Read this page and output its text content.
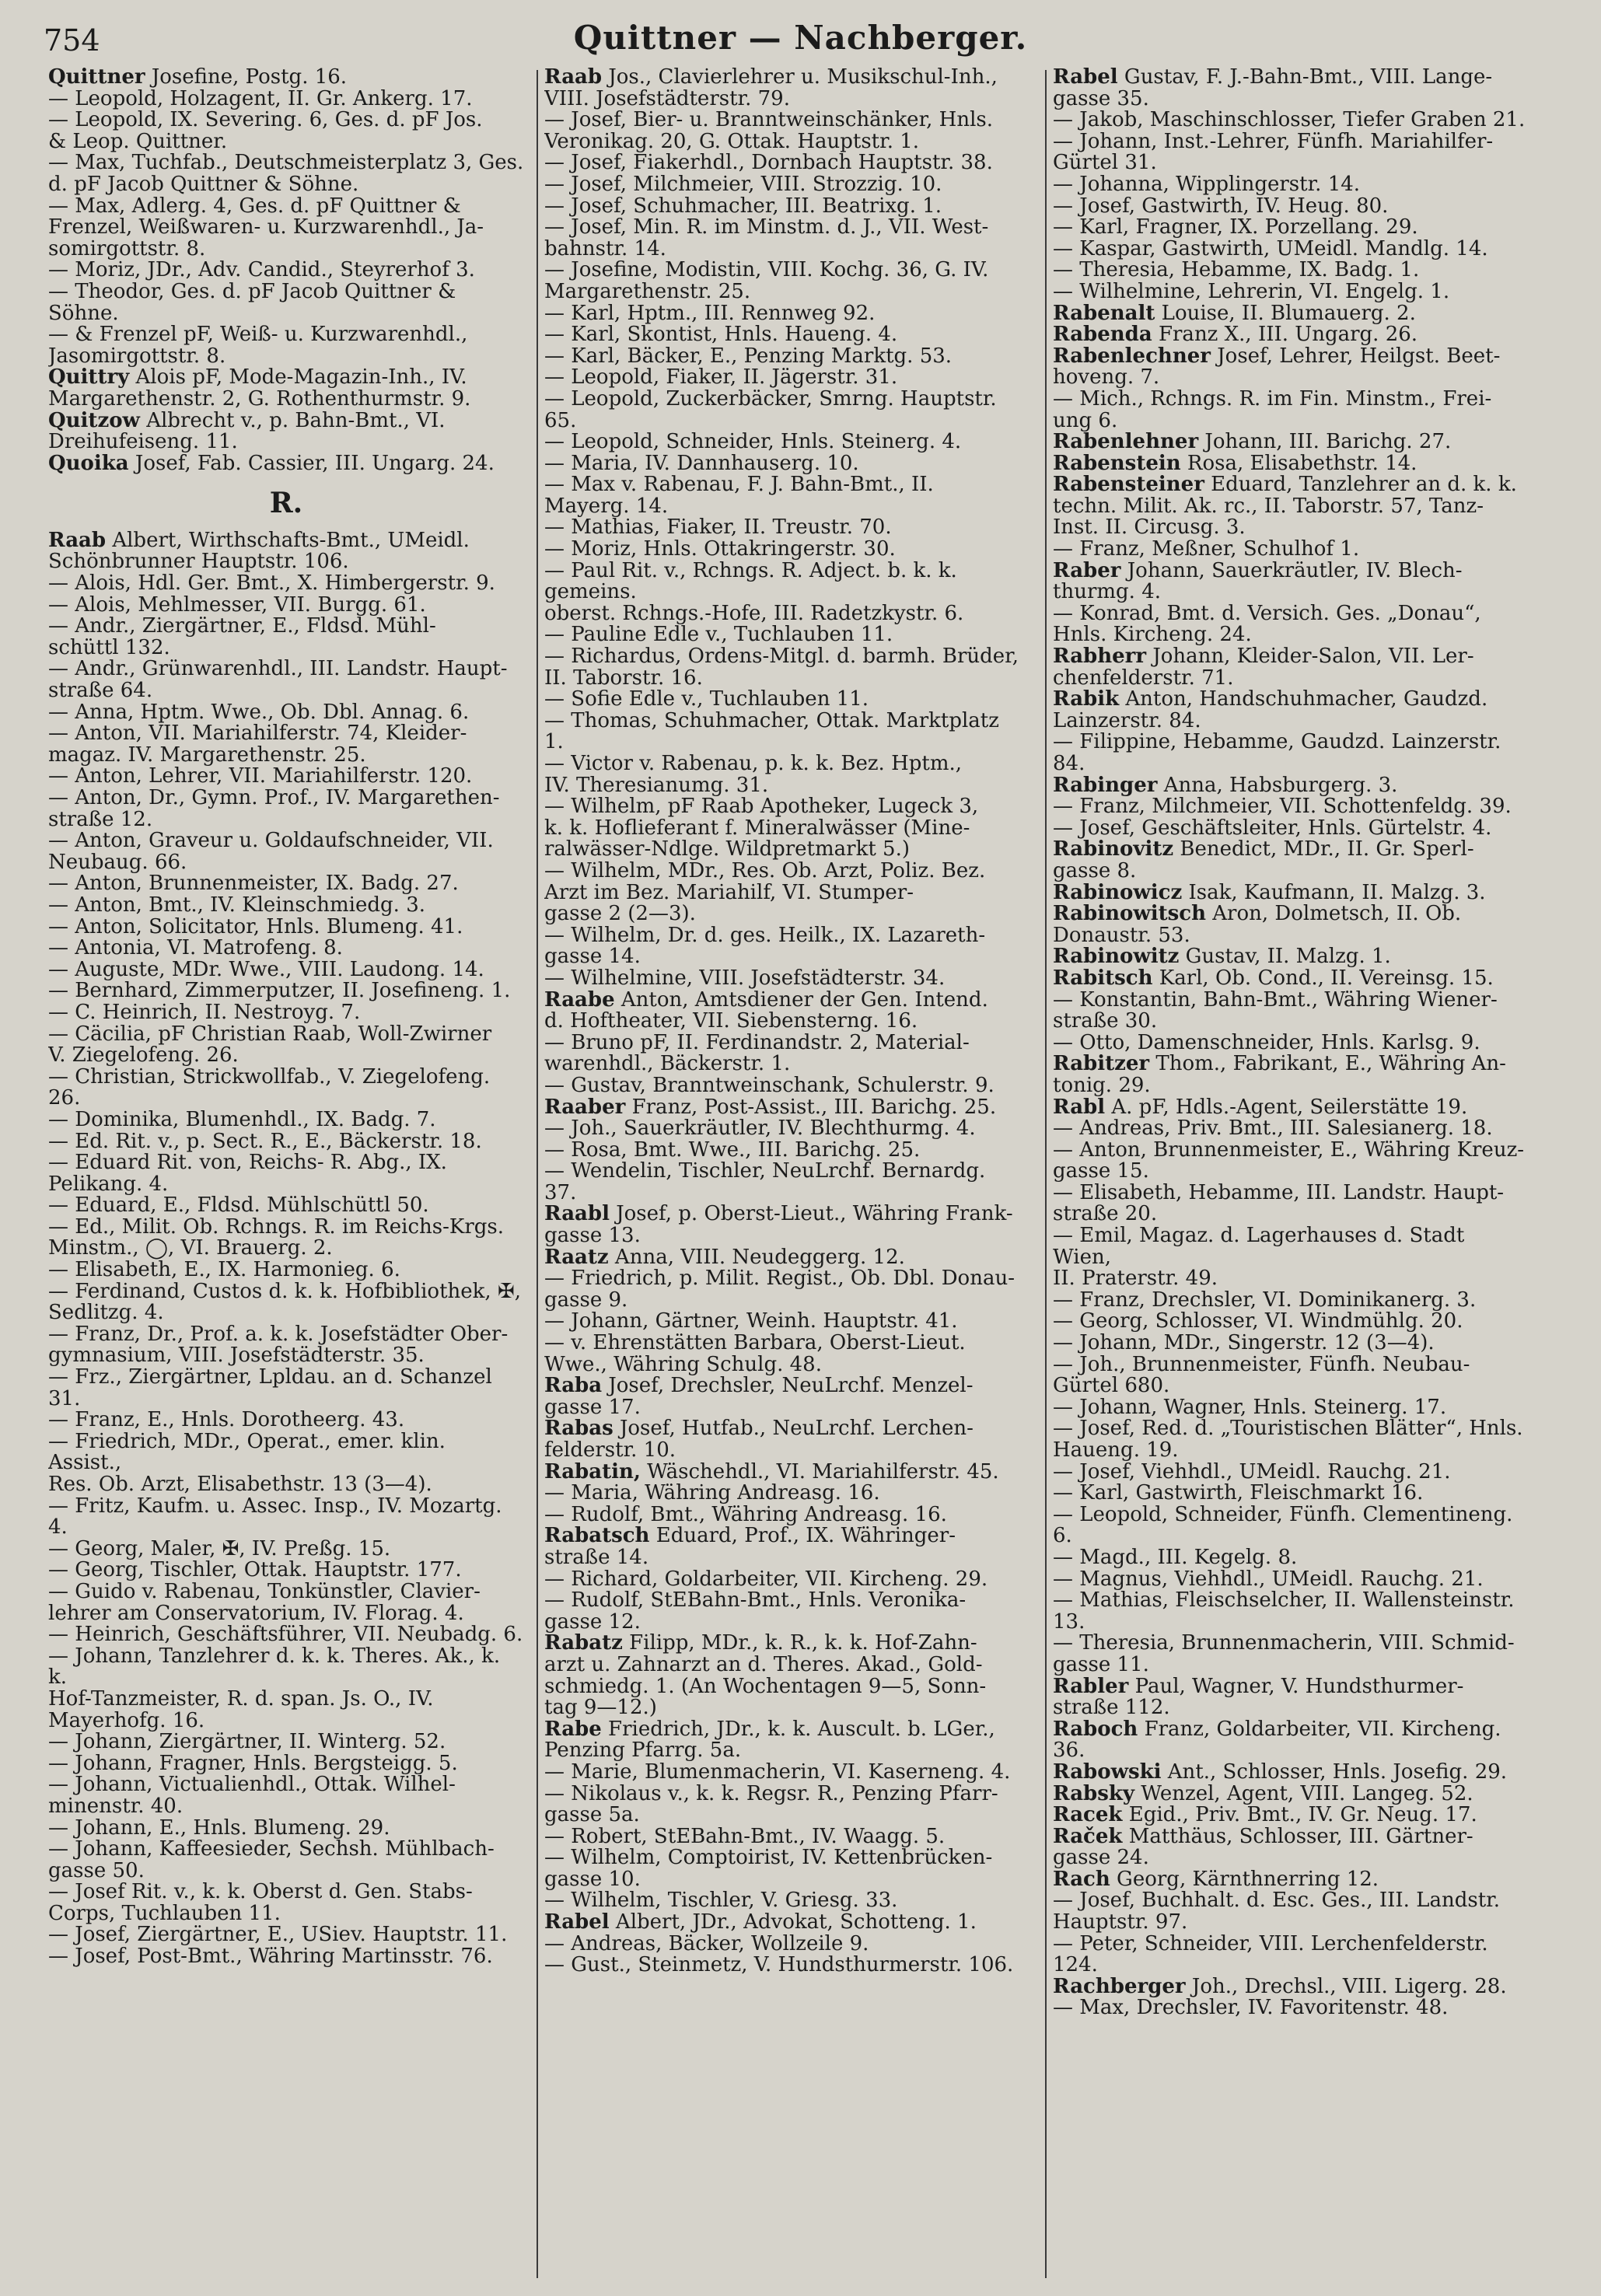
754	Quittner — Nachberger.

Quittner Josefine, Postg. 16.

— Leopold, Holzagent, II. Gr. Ankerg. 17.

— Leopold, IX. Severing. 6, Ges. d. pF Jos.
& Leop. Quittner.

— Max, Tuchfab., Deutschmeisterplatz 3, Ges.
d. pF Jacob Quittner & Söhne.

— Max, Adlerg. 4, Ges. d. pF Quittner &
Frenzel, Weißwaren- u. Kurzwarenhdl., Ja-
somirgottstr. 8.

— Moriz, JDr., Adv. Candid., Steyrerhof 3.

— Theodor, Ges. d. pF Jacob Quittner &
Söhne.

— & Frenzel pF, Weiß- u. Kurzwarenhdl.,
Jasomirgottstr. 8.

Quittry Alois pF, Mode-Magazin-Inh., IV.
Margarethenstr. 2, G. Rothenthurmstr. 9.

Quitzow Albrecht v., p. Bahn-Bmt., VI.
Dreihufeiseng. 11.

Quoika Josef, Fab. Cassier, III. Ungarg. 24.

R.

Raab Albert, Wirthschafts-Bmt., UMeidl.
Schönbrunner Hauptstr. 106.

— Alois, Hdl. Ger. Bmt., X. Himbergerstr. 9.

— Alois, Mehlmesser, VII. Burgg. 61.

— Andr., Ziergärtner, E., Fldsd. Mühl-
schüttl 132.

— Andr., Grünwarenhdl., III. Landstr. Haupt-
straße 64.

— Anna, Hptm. Wwe., Ob. Dbl. Annag. 6.

— Anton, VII. Mariahilferstr. 74, Kleider-
magaz. IV. Margarethenstr. 25.

— Anton, Lehrer, VII. Mariahilferstr. 120.

— Anton, Dr., Gymn. Prof., IV. Margarethen-
straße 12.

— Anton, Graveur u. Goldaufschneider, VII.
Neubaug. 66.

— Anton, Brunnenmeister, IX. Badg. 27.

— Anton, Bmt., IV. Kleinschmiedg. 3.

— Anton, Solicitator, Hnls. Blumeng. 41.

— Antonia, VI. Matrofeng. 8.

— Auguste, MDr. Wwe., VIII. Laudong. 14.

— Bernhard, Zimmerputzer, II. Josefineng. 1.

— C. Heinrich, II. Nestroyg. 7.

— Cäcilia, pF Christian Raab, Woll-Zwirner
V. Ziegelofeng. 26.

— Christian, Strickwollfab., V. Ziegelofeng. 26.

— Dominika, Blumenhdl., IX. Badg. 7.

— Ed. Rit. v., p. Sect. R., E., Bäckerstr. 18.

— Eduard Rit. von, Reichs- R. Abg., IX.
Pelikang. 4.

— Eduard, E., Fldsd. Mühlschüttl 50.

— Ed., Milit. Ob. Rchngs. R. im Reichs-Krgs.
Minstm., ◯, VI. Brauerg. 2.

— Elisabeth, E., IX. Harmonieg. 6.

— Ferdinand, Custos d. k. k. Hofbibliothek, ✠,
Sedlitzg. 4.

— Franz, Dr., Prof. a. k. k. Josefstädter Ober-
gymnasium, VIII. Josefstädterstr. 35.

— Frz., Ziergärtner, Lpldau. an d. Schanzel 31.

— Franz, E., Hnls. Dorotheerg. 43.

— Friedrich, MDr., Operat., emer. klin. Assist.,
Res. Ob. Arzt, Elisabethstr. 13 (3—4).

— Fritz, Kaufm. u. Assec. Insp., IV. Mozartg. 4.

— Georg, Maler, ✠, IV. Preßg. 15.

— Georg, Tischler, Ottak. Hauptstr. 177.

— Guido v. Rabenau, Tonkünstler, Clavier-
lehrer am Conservatorium, IV. Florag. 4.

— Heinrich, Geschäftsführer, VII. Neubadg. 6.

— Johann, Tanzlehrer d. k. k. Theres. Ak., k. k.
Hof-Tanzmeister, R. d. span. Js. O., IV.
Mayerhofg. 16.

— Johann, Ziergärtner, II. Winterg. 52.

— Johann, Fragner, Hnls. Bergsteigg. 5.

— Johann, Victualienhdl., Ottak. Wilhel-
minenstr. 40.

— Johann, E., Hnls. Blumeng. 29.

— Johann, Kaffeesieder, Sechsh. Mühlbach-
gasse 50.

— Josef Rit. v., k. k. Oberst d. Gen. Stabs-
Corps, Tuchlauben 11.

— Josef, Ziergärtner, E., USiev. Hauptstr. 11.

— Josef, Post-Bmt., Währing Martinsstr. 76.

Raab Jos., Clavierlehrer u. Musikschul-Inh.,
VIII. Josefstädterstr. 79.

— Josef, Bier- u. Branntweinschänker, Hnls.
Veronikag. 20, G. Ottak. Hauptstr. 1.

— Josef, Fiakerhdl., Dornbach Hauptstr. 38.

— Josef, Milchmeier, VIII. Strozzig. 10.

— Josef, Schuhmacher, III. Beatrixg. 1.

— Josef, Min. R. im Minstm. d. J., VII. West-
bahnstr. 14.

— Josefine, Modistin, VIII. Kochg. 36, G. IV.
Margarethenstr. 25.

— Karl, Hptm., III. Rennweg 92.

— Karl, Skontist, Hnls. Haueng. 4.

— Karl, Bäcker, E., Penzing Marktg. 53.

— Leopold, Fiaker, II. Jägerstr. 31.

— Leopold, Zuckerbäcker, Smrng. Hauptstr. 65.

— Leopold, Schneider, Hnls. Steinerg. 4.

— Maria, IV. Dannhauserg. 10.

— Max v. Rabenau, F. J. Bahn-Bmt., II.
Mayerg. 14.

— Mathias, Fiaker, II. Treustr. 70.

— Moriz, Hnls. Ottakringerstr. 30.

— Paul Rit. v., Rchngs. R. Adject. b. k. k. gemeins.
oberst. Rchngs.-Hofe, III. Radetzkystr. 6.

— Pauline Edle v., Tuchlauben 11.

— Richardus, Ordens-Mitgl. d. barmh. Brüder,
II. Taborstr. 16.

— Sofie Edle v., Tuchlauben 11.

— Thomas, Schuhmacher, Ottak. Marktplatz 1.

— Victor v. Rabenau, p. k. k. Bez. Hptm.,
IV. Theresianumg. 31.

— Wilhelm, pF Raab Apotheker, Lugeck 3,
k. k. Hoflieferant f. Mineralwässer (Mine-
ralwässer-Ndlge. Wildpretmarkt 5.)

— Wilhelm, MDr., Res. Ob. Arzt, Poliz. Bez.
Arzt im Bez. Mariahilf, VI. Stumper-
gasse 2 (2—3).

— Wilhelm, Dr. d. ges. Heilk., IX. Lazareth-
gasse 14.

— Wilhelmine, VIII. Josefstädterstr. 34.

Raabe Anton, Amtsdiener der Gen. Intend.
d. Hoftheater, VII. Siebensterng. 16.

— Bruno pF, II. Ferdinandstr. 2, Material-
warenhdl., Bäckerstr. 1.

— Gustav, Branntweinschank, Schulerstr. 9.

Raaber Franz, Post-Assist., III. Barichg. 25.

— Joh., Sauerkräutler, IV. Blechthurmg. 4.

— Rosa, Bmt. Wwe., III. Barichg. 25.

— Wendelin, Tischler, NeuLrchf. Bernardg. 37.

Raabl Josef, p. Oberst-Lieut., Währing Frank-
gasse 13.

Raatz Anna, VIII. Neudeggerg. 12.

— Friedrich, p. Milit. Regist., Ob. Dbl. Donau-
gasse 9.

— Johann, Gärtner, Weinh. Hauptstr. 41.

— v. Ehrenstätten Barbara, Oberst-Lieut.
Wwe., Währing Schulg. 48.

Raba Josef, Drechsler, NeuLrchf. Menzel-
gasse 17.

Rabas Josef, Hutfab., NeuLrchf. Lerchen-
felderstr. 10.

Rabatin, Wäschehdl., VI. Mariahilferstr. 45.

— Maria, Währing Andreasg. 16.

— Rudolf, Bmt., Währing Andreasg. 16.

Rabatsch Eduard, Prof., IX. Währinger-
straße 14.

— Richard, Goldarbeiter, VII. Kircheng. 29.

— Rudolf, StEBahn-Bmt., Hnls. Veronika-
gasse 12.

Rabatz Filipp, MDr., k. R., k. k. Hof-Zahn-
arzt u. Zahnarzt an d. Theres. Akad., Gold-
schmiedg. 1. (An Wochentagen 9—5, Sonn-
tag 9—12.)

Rabe Friedrich, JDr., k. k. Auscult. b. LGer.,
Penzing Pfarrg. 5a.

— Marie, Blumenmacherin, VI. Kaserneng. 4.

— Nikolaus v., k. k. Regsr. R., Penzing Pfarr-
gasse 5a.

— Robert, StEBahn-Bmt., IV. Waagg. 5.

— Wilhelm, Comptoirist, IV. Kettenbrücken-
gasse 10.

— Wilhelm, Tischler, V. Griesg. 33.

Rabel Albert, JDr., Advokat, Schotteng. 1.

— Andreas, Bäcker, Wollzeile 9.

— Gust., Steinmetz, V. Hundsthurmerstr. 106.

Rabel Gustav, F. J.-Bahn-Bmt., VIII. Lange-
gasse 35.

— Jakob, Maschinschlosser, Tiefer Graben 21.

— Johann, Inst.-Lehrer, Fünfh. Mariahilfer-
Gürtel 31.

— Johanna, Wipplingerstr. 14.

— Josef, Gastwirth, IV. Heug. 80.

— Karl, Fragner, IX. Porzellang. 29.

— Kaspar, Gastwirth, UMeidl. Mandlg. 14.

— Theresia, Hebamme, IX. Badg. 1.

— Wilhelmine, Lehrerin, VI. Engelg. 1.

Rabenalt Louise, II. Blumauerg. 2.

Rabenda Franz X., III. Ungarg. 26.

Rabenlechner Josef, Lehrer, Heilgst. Beet-
hoveng. 7.

— Mich., Rchngs. R. im Fin. Minstm., Frei-
ung 6.

Rabenlehner Johann, III. Barichg. 27.

Rabenstein Rosa, Elisabethstr. 14.

Rabensteiner Eduard, Tanzlehrer an d. k. k.
techn. Milit. Ak. rc., II. Taborstr. 57, Tanz-
Inst. II. Circusg. 3.

— Franz, Meßner, Schulhof 1.

Raber Johann, Sauerkräutler, IV. Blech-
thurmg. 4.

— Konrad, Bmt. d. Versich. Ges. „Donau“,
Hnls. Kircheng. 24.

Rabherr Johann, Kleider-Salon, VII. Ler-
chenfelderstr. 71.

Rabik Anton, Handschuhmacher, Gaudzd.
Lainzerstr. 84.

— Filippine, Hebamme, Gaudzd. Lainzerstr. 84.

Rabinger Anna, Habsburgerg. 3.

— Franz, Milchmeier, VII. Schottenfeldg. 39.

— Josef, Geschäftsleiter, Hnls. Gürtelstr. 4.

Rabinovitz Benedict, MDr., II. Gr. Sperl-
gasse 8.

Rabinowicz Isak, Kaufmann, II. Malzg. 3.

Rabinowitsch Aron, Dolmetsch, II. Ob.
Donaustr. 53.

Rabinowitz Gustav, II. Malzg. 1.

Rabitsch Karl, Ob. Cond., II. Vereinsg. 15.

— Konstantin, Bahn-Bmt., Währing Wiener-
straße 30.

— Otto, Damenschneider, Hnls. Karlsg. 9.

Rabitzer Thom., Fabrikant, E., Währing An-
tonig. 29.

Rabl A. pF, Hdls.-Agent, Seilerstätte 19.

— Andreas, Priv. Bmt., III. Salesianerg. 18.

— Anton, Brunnenmeister, E., Währing Kreuz-
gasse 15.

— Elisabeth, Hebamme, III. Landstr. Haupt-
straße 20.

— Emil, Magaz. d. Lagerhauses d. Stadt Wien,
II. Praterstr. 49.

— Franz, Drechsler, VI. Dominikanerg. 3.

— Georg, Schlosser, VI. Windmühlg. 20.

— Johann, MDr., Singerstr. 12 (3—4).

— Joh., Brunnenmeister, Fünfh. Neubau-
Gürtel 680.

— Johann, Wagner, Hnls. Steinerg. 17.

— Josef, Red. d. „Touristischen Blätter“, Hnls.
Haueng. 19.

— Josef, Viehhdl., UMeidl. Rauchg. 21.

— Karl, Gastwirth, Fleischmarkt 16.

— Leopold, Schneider, Fünfh. Clementineng. 6.

— Magd., III. Kegelg. 8.

— Magnus, Viehhdl., UMeidl. Rauchg. 21.

— Mathias, Fleischselcher, II. Wallensteinstr. 13.

— Theresia, Brunnenmacherin, VIII. Schmid-
gasse 11.

Rabler Paul, Wagner, V. Hundsthurmer-
straße 112.

Raboch Franz, Goldarbeiter, VII. Kircheng. 36.

Rabowski Ant., Schlosser, Hnls. Josefig. 29.

Rabsky Wenzel, Agent, VIII. Langeg. 52.

Racek Egid., Priv. Bmt., IV. Gr. Neug. 17.

Raček Matthäus, Schlosser, III. Gärtner-
gasse 24.

Rach Georg, Kärnthnerring 12.

— Josef, Buchhalt. d. Esc. Ges., III. Landstr.
Hauptstr. 97.

— Peter, Schneider, VIII. Lerchenfelderstr. 124.

Rachberger Joh., Drechsl., VIII. Ligerg. 28.

— Max, Drechsler, IV. Favoritenstr. 48.
